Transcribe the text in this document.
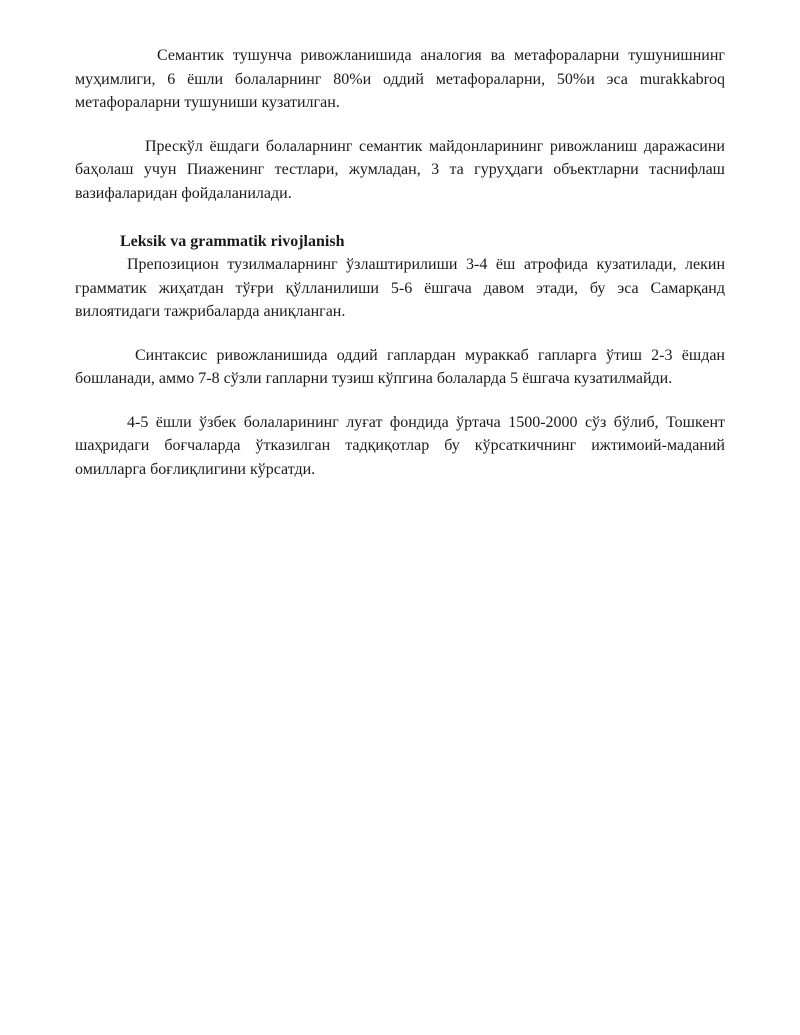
Семантик тушунча ривожланишида аналогия ва метафораларни тушунишнинг муҳимлиги, 6 ёшли болаларнинг 80%и оддий метафораларни, 50%и эса murakkabroq метафораларни тушуниши кузатилган.

Прескўл ёшдаги болаларнинг семантик майдонларининг ривожланиш даражасини баҳолаш учун Пиаженинг тестлари, жумладан, 3 та гуруҳдаги объектларни таснифлаш вазифаларидан фойдаланилади.

Leksik va grammatik rivojlanish

Препозицион тузилмаларнинг ўзлаштирилиши 3-4 ёш атрофида кузатилади, лекин грамматик жиҳатдан тўғри қўлланилиши 5-6 ёшгача давом этади, бу эса Самарқанд вилоятидаги тажрибаларда аниқланган.

Синтаксис ривожланишида оддий гаплардан мураккаб гапларга ўтиш 2-3 ёшдан бошланади, аммо 7-8 сўзли гапларни тузиш кўпгина болаларда 5 ёшгача кузатилмайди.

4-5 ёшли ўзбек болаларининг луғат фондида ўртача 1500-2000 сўз бўлиб, Тошкент шаҳридаги боғчаларда ўтказилган тадқиқотлар бу кўрсаткичнинг ижтимоий-маданий омилларга боғлиқлигини кўрсатди.
